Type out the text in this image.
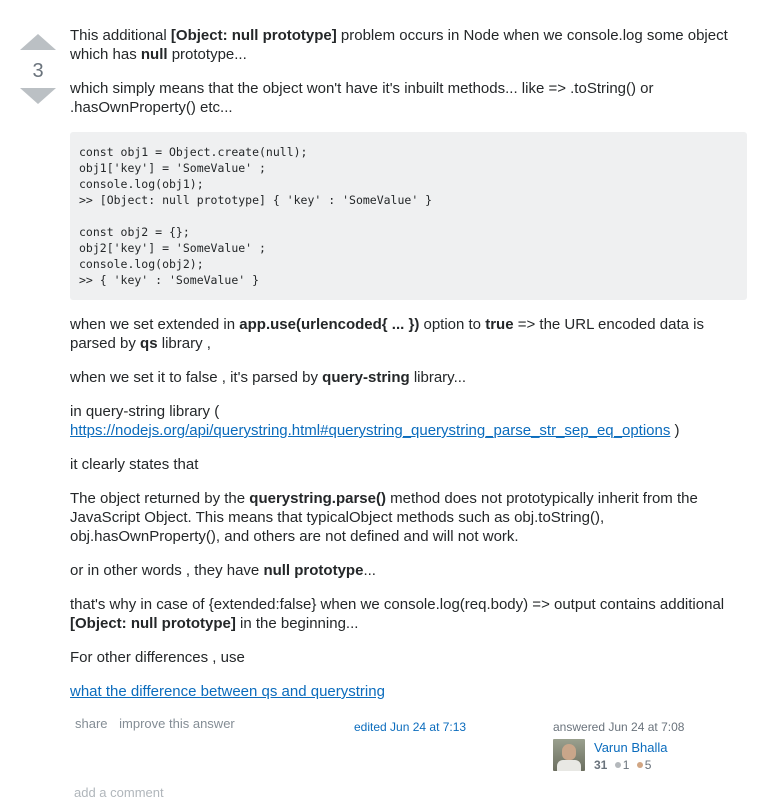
3

This additional [Object: null prototype] problem occurs in Node when we console.log some object which has null prototype...

which simply means that the object won't have it's inbuilt methods... like => .toString() or .hasOwnProperty() etc...

const obj1 = Object.create(null);
obj1['key'] = 'SomeValue' ;
console.log(obj1);
>> [Object: null prototype] { 'key' : 'SomeValue' }

const obj2 = {};
obj2['key'] = 'SomeValue' ;
console.log(obj2);
>> { 'key' : 'SomeValue' }

when we set extended in app.use(urlencoded{ ... }) option to true => the URL encoded data is parsed by qs library ,

when we set it to false , it's parsed by query-string library...

in query-string library ( https://nodejs.org/api/querystring.html#querystring_querystring_parse_str_sep_eq_options )

it clearly states that

The object returned by the querystring.parse() method does not prototypically inherit from the JavaScript Object. This means that typicalObject methods such as obj.toString(), obj.hasOwnProperty(), and others are not defined and will not work.

or in other words , they have null prototype...

that's why in case of {extended:false} when we console.log(req.body) => output contains additional [Object: null prototype] in the beginning...

For other differences , use

what the difference between qs and querystring

share improve this answer	edited Jun 24 at 7:13	answered Jun 24 at 7:08
Varun Bhalla
31 1 5
add a comment
